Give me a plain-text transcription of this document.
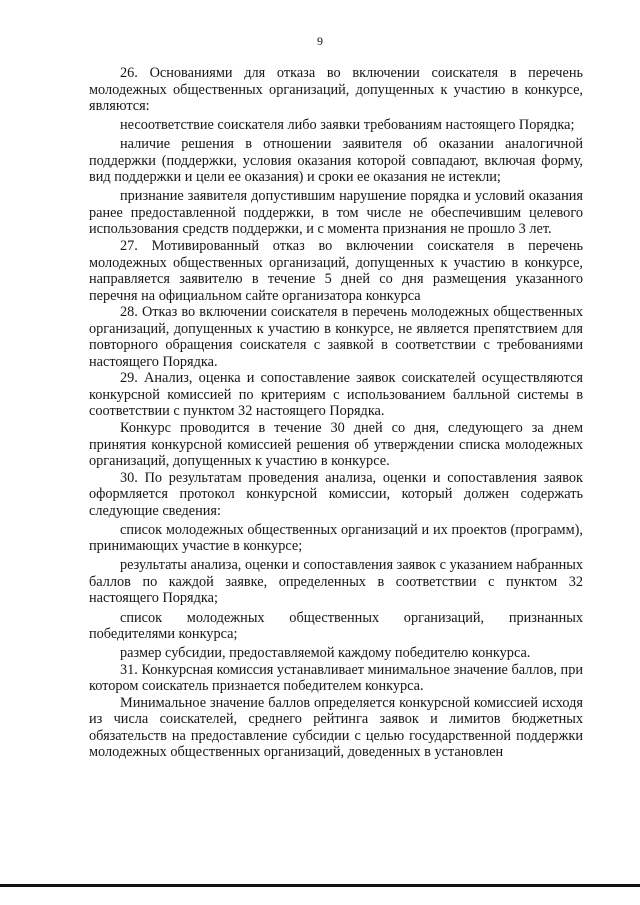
9

26. Основаниями для отказа во включении соискателя в перечень молодежных общественных организаций, допущенных к участию в конкурсе, являются:

несоответствие соискателя либо заявки требованиям настоящего Порядка;

наличие решения в отношении заявителя об оказании аналогичной поддержки (поддержки, условия оказания которой совпадают, включая форму, вид поддержки и цели ее оказания) и сроки ее оказания не истекли;

признание заявителя допустившим нарушение порядка и условий оказания ранее предоставленной поддержки, в том числе не обеспечившим целевого использования средств поддержки, и с момента признания не прошло 3 лет.

27. Мотивированный отказ во включении соискателя в перечень молодежных общественных организаций, допущенных к участию в конкурсе, направляется заявителю в течение 5 дней со дня размещения указанного перечня на официальном сайте организатора конкурса

28. Отказ во включении соискателя в перечень молодежных общественных организаций, допущенных к участию в конкурсе, не является препятствием для повторного обращения соискателя с заявкой в соответствии с требованиями настоящего Порядка.

29. Анализ, оценка и сопоставление заявок соискателей осуществляются конкурсной комиссией по критериям с использованием балльной системы в соответствии с пунктом 32 настоящего Порядка.

Конкурс проводится в течение 30 дней со дня, следующего за днем принятия конкурсной комиссией решения об утверждении списка молодежных организаций, допущенных к участию в конкурсе.

30. По результатам проведения анализа, оценки и сопоставления заявок оформляется протокол конкурсной комиссии, который должен содержать следующие сведения:

список молодежных общественных организаций и их проектов (программ), принимающих участие в конкурсе;

результаты анализа, оценки и сопоставления заявок с указанием набранных баллов по каждой заявке, определенных в соответствии с пунктом 32 настоящего Порядка;

список молодежных общественных организаций, признанных победителями конкурса;

размер субсидии, предоставляемой каждому победителю конкурса.

31. Конкурсная комиссия устанавливает минимальное значение баллов, при котором соискатель признается победителем конкурса.

Минимальное значение баллов определяется конкурсной комиссией исходя из числа соискателей, среднего рейтинга заявок и лимитов бюджетных обязательств на предоставление субсидии с целью государственной поддержки молодежных общественных организаций, доведенных в установлен
